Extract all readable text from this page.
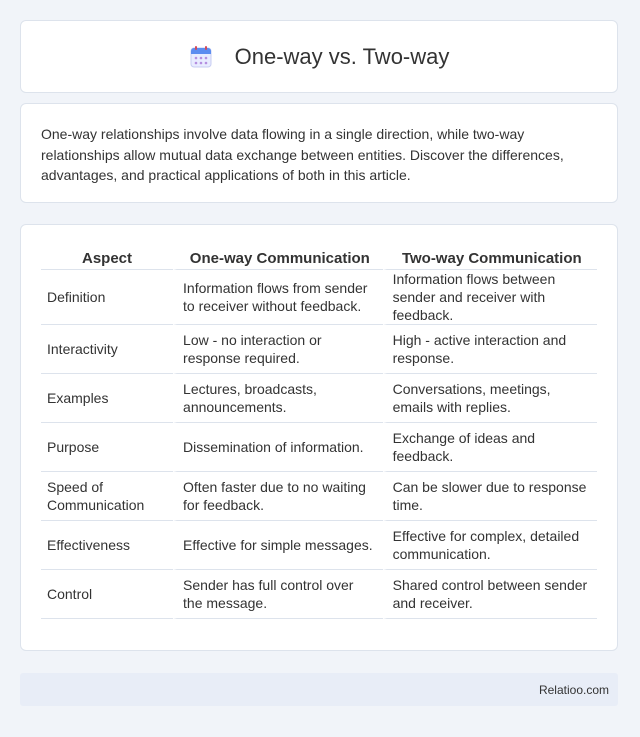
One-way vs. Two-way

One-way relationships involve data flowing in a single direction, while two-way relationships allow mutual data exchange between entities. Discover the differences, advantages, and practical applications of both in this article.

Aspect	One-way Communication	Two-way Communication
Definition	Information flows from sender to receiver without feedback.	Information flows between sender and receiver with feedback.
Interactivity	Low - no interaction or response required.	High - active interaction and response.
Examples	Lectures, broadcasts, announcements.	Conversations, meetings, emails with replies.
Purpose	Dissemination of information.	Exchange of ideas and feedback.
Speed of Communication	Often faster due to no waiting for feedback.	Can be slower due to response time.
Effectiveness	Effective for simple messages.	Effective for complex, detailed communication.
Control	Sender has full control over the message.	Shared control between sender and receiver.
Relatioo.com
